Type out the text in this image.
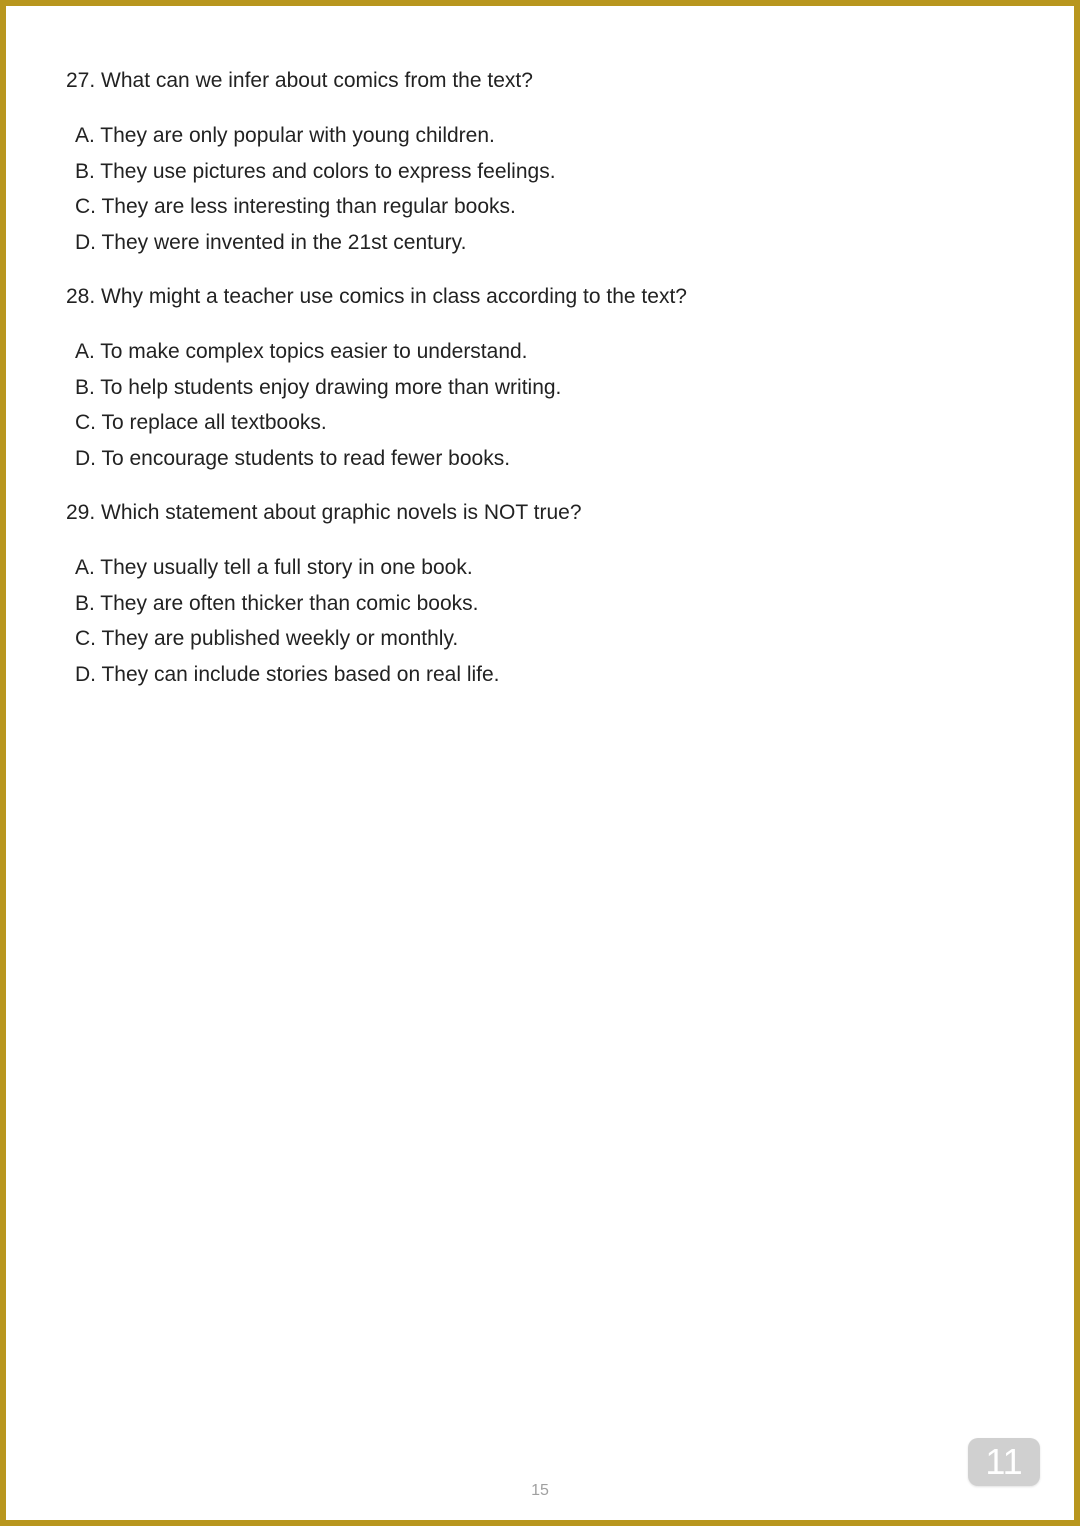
27. What can we infer about comics from the text?

A. They are only popular with young children.
B. They use pictures and colors to express feelings.
C. They are less interesting than regular books.
D. They were invented in the 21st century.

28. Why might a teacher use comics in class according to the text?

A. To make complex topics easier to understand.
B. To help students enjoy drawing more than writing.
C. To replace all textbooks.
D. To encourage students to read fewer books.

29. Which statement about graphic novels is NOT true?

A. They usually tell a full story in one book.
B. They are often thicker than comic books.
C. They are published weekly or monthly.
D. They can include stories based on real life.
15
11
